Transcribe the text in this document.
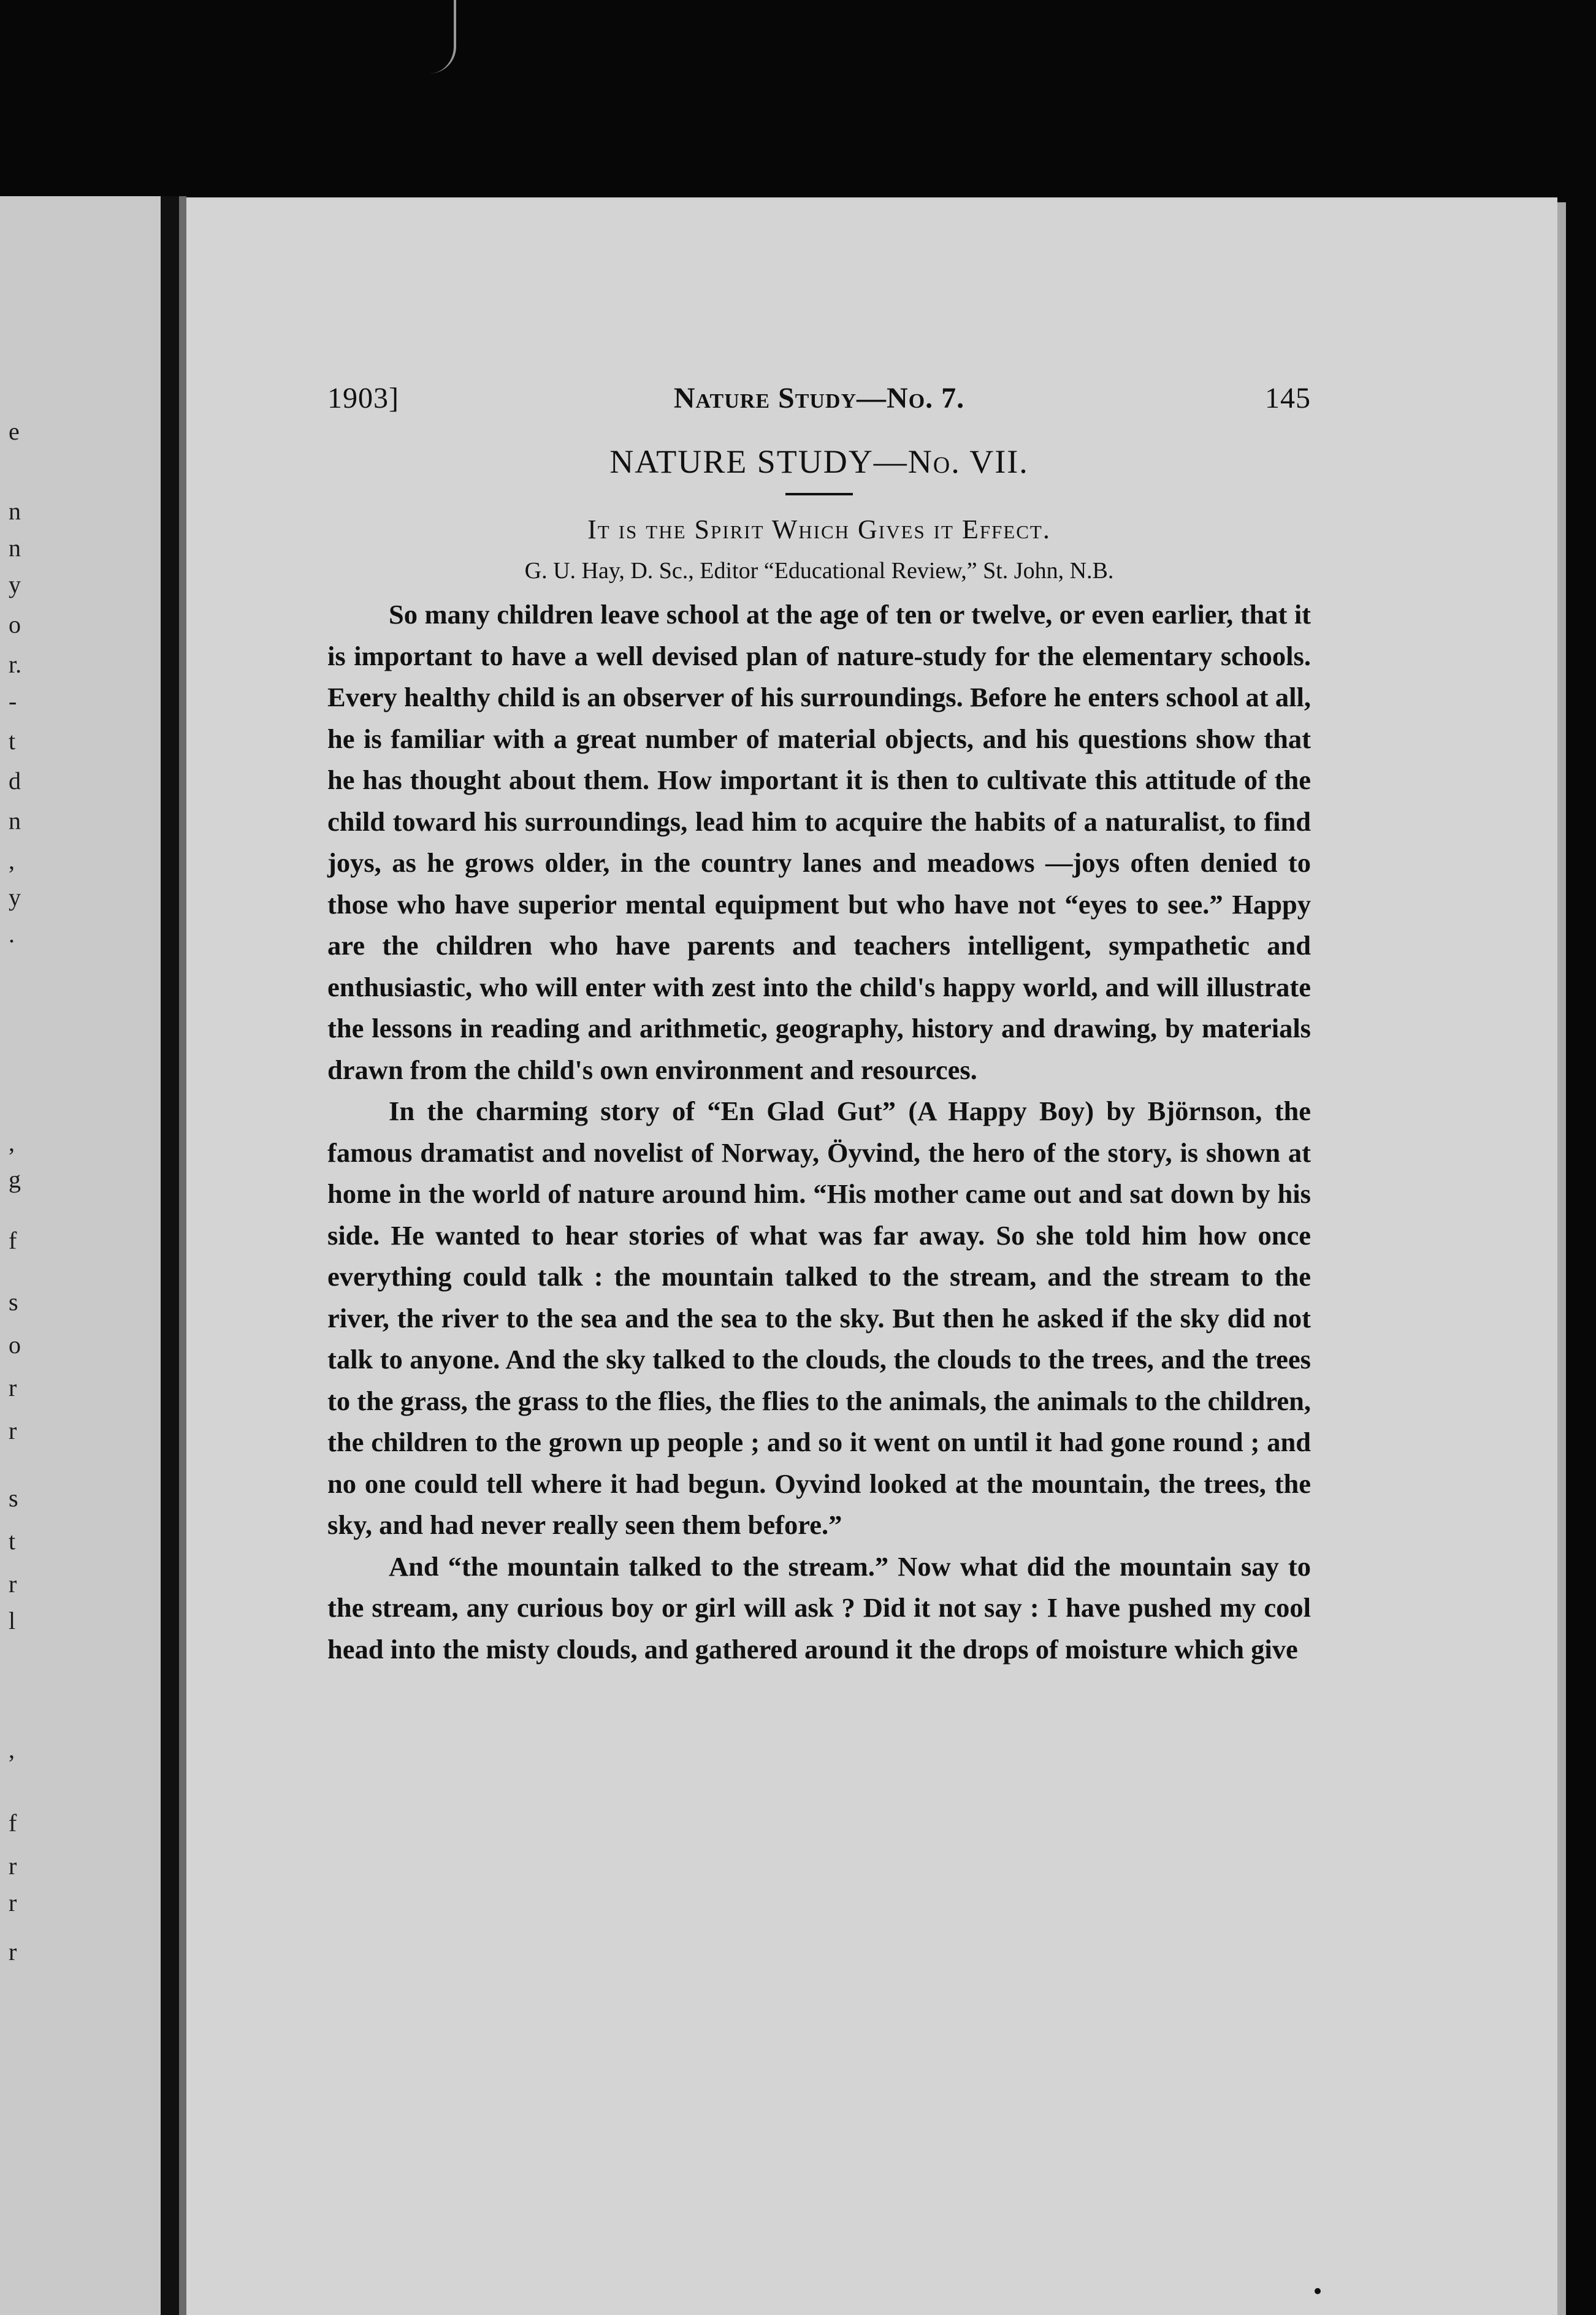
e
n
n
y
o
r.
-
t
d
n
,
y
.
,
g
f
s
o
r
r
s
t
r
l
,
f
r
r
r
1903]	Nature Study—No. 7.	145
NATURE STUDY—No. VII.
It is the Spirit Which Gives it Effect.
G. U. Hay, D. Sc., Editor “Educational Review,” St. John, N.B.

So many children leave school at the age of ten or twelve, or even earlier, that it is important to have a well devised plan of nature-study for the elementary schools. Every healthy child is an observer of his surroundings. Before he enters school at all, he is familiar with a great number of material objects, and his questions show that he has thought about them. How important it is then to cultivate this attitude of the child toward his surroundings, lead him to acquire the habits of a naturalist, to find joys, as he grows older, in the country lanes and meadows —joys often denied to those who have superior mental equipment but who have not “eyes to see.” Happy are the children who have parents and teachers intelligent, sympathetic and enthusiastic, who will enter with zest into the child's happy world, and will illustrate the lessons in reading and arithmetic, geography, history and drawing, by materials drawn from the child's own environment and resources.

In the charming story of “En Glad Gut” (A Happy Boy) by Björnson, the famous dramatist and novelist of Norway, Öyvind, the hero of the story, is shown at home in the world of nature around him. “His mother came out and sat down by his side. He wanted to hear stories of what was far away. So she told him how once everything could talk : the mountain talked to the stream, and the stream to the river, the river to the sea and the sea to the sky. But then he asked if the sky did not talk to anyone. And the sky talked to the clouds, the clouds to the trees, and the trees to the grass, the grass to the flies, the flies to the animals, the animals to the children, the children to the grown up people ; and so it went on until it had gone round ; and no one could tell where it had begun. Oyvind looked at the mountain, the trees, the sky, and had never really seen them before.”

And “the mountain talked to the stream.” Now what did the mountain say to the stream, any curious boy or girl will ask ? Did it not say : I have pushed my cool head into the misty clouds, and gathered around it the drops of moisture which give
